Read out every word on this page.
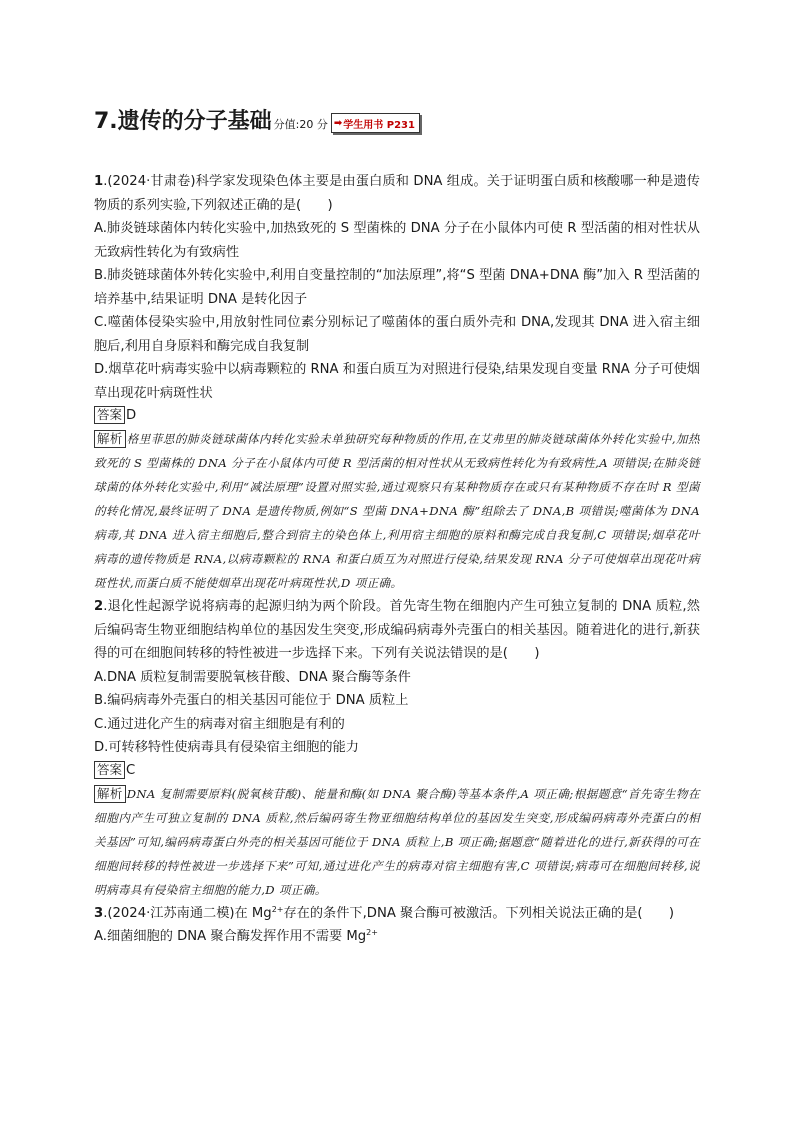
7.遗传的分子基础 分值:20 分 ➡ 学生用书 P231

1.(2024·甘肃卷)科学家发现染色体主要是由蛋白质和 DNA 组成。关于证明蛋白质和核酸哪一种是遗传物质的系列实验,下列叙述正确的是(　　)

A.肺炎链球菌体内转化实验中,加热致死的 S 型菌株的 DNA 分子在小鼠体内可使 R 型活菌的相对性状从无致病性转化为有致病性

B.肺炎链球菌体外转化实验中,利用自变量控制的“加法原理”,将“S 型菌 DNA+DNA 酶”加入 R 型活菌的培养基中,结果证明 DNA 是转化因子

C.噬菌体侵染实验中,用放射性同位素分别标记了噬菌体的蛋白质外壳和 DNA,发现其 DNA 进入宿主细胞后,利用自身原料和酶完成自我复制

D.烟草花叶病毒实验中以病毒颗粒的 RNA 和蛋白质互为对照进行侵染,结果发现自变量 RNA 分子可使烟草出现花叶病斑性状

答案 D

解析 格里菲思的肺炎链球菌体内转化实验未单独研究每种物质的作用,在艾弗里的肺炎链球菌体外转化实验中,加热致死的 S 型菌株的 DNA 分子在小鼠体内可使 R 型活菌的相对性状从无致病性转化为有致病性,A 项错误;在肺炎链球菌的体外转化实验中,利用“减法原理”设置对照实验,通过观察只有某种物质存在或只有某种物质不存在时 R 型菌的转化情况,最终证明了 DNA 是遗传物质,例如“S 型菌 DNA+DNA 酶”组除去了 DNA,B 项错误;噬菌体为 DNA 病毒,其 DNA 进入宿主细胞后,整合到宿主的染色体上,利用宿主细胞的原料和酶完成自我复制,C 项错误;烟草花叶病毒的遗传物质是 RNA,以病毒颗粒的 RNA 和蛋白质互为对照进行侵染,结果发现 RNA 分子可使烟草出现花叶病斑性状,而蛋白质不能使烟草出现花叶病斑性状,D 项正确。

2.退化性起源学说将病毒的起源归纳为两个阶段。首先寄生物在细胞内产生可独立复制的 DNA 质粒,然后编码寄生物亚细胞结构单位的基因发生突变,形成编码病毒外壳蛋白的相关基因。随着进化的进行,新获得的可在细胞间转移的特性被进一步选择下来。下列有关说法错误的是(　　)

A.DNA 质粒复制需要脱氧核苷酸、DNA 聚合酶等条件

B.编码病毒外壳蛋白的相关基因可能位于 DNA 质粒上

C.通过进化产生的病毒对宿主细胞是有利的

D.可转移特性使病毒具有侵染宿主细胞的能力

答案 C

解析 DNA 复制需要原料(脱氧核苷酸)、能量和酶(如 DNA 聚合酶)等基本条件,A 项正确;根据题意“首先寄生物在细胞内产生可独立复制的 DNA 质粒,然后编码寄生物亚细胞结构单位的基因发生突变,形成编码病毒外壳蛋白的相关基因”可知,编码病毒蛋白外壳的相关基因可能位于 DNA 质粒上,B 项正确;据题意“随着进化的进行,新获得的可在细胞间转移的特性被进一步选择下来”可知,通过进化产生的病毒对宿主细胞有害,C 项错误;病毒可在细胞间转移,说明病毒具有侵染宿主细胞的能力,D 项正确。

3.(2024·江苏南通二模)在 $Mg^{2+}$存在的条件下,DNA 聚合酶可被激活。下列相关说法正确的是(　　)

A.细菌细胞的 DNA 聚合酶发挥作用不需要 $Mg^{2+}$
